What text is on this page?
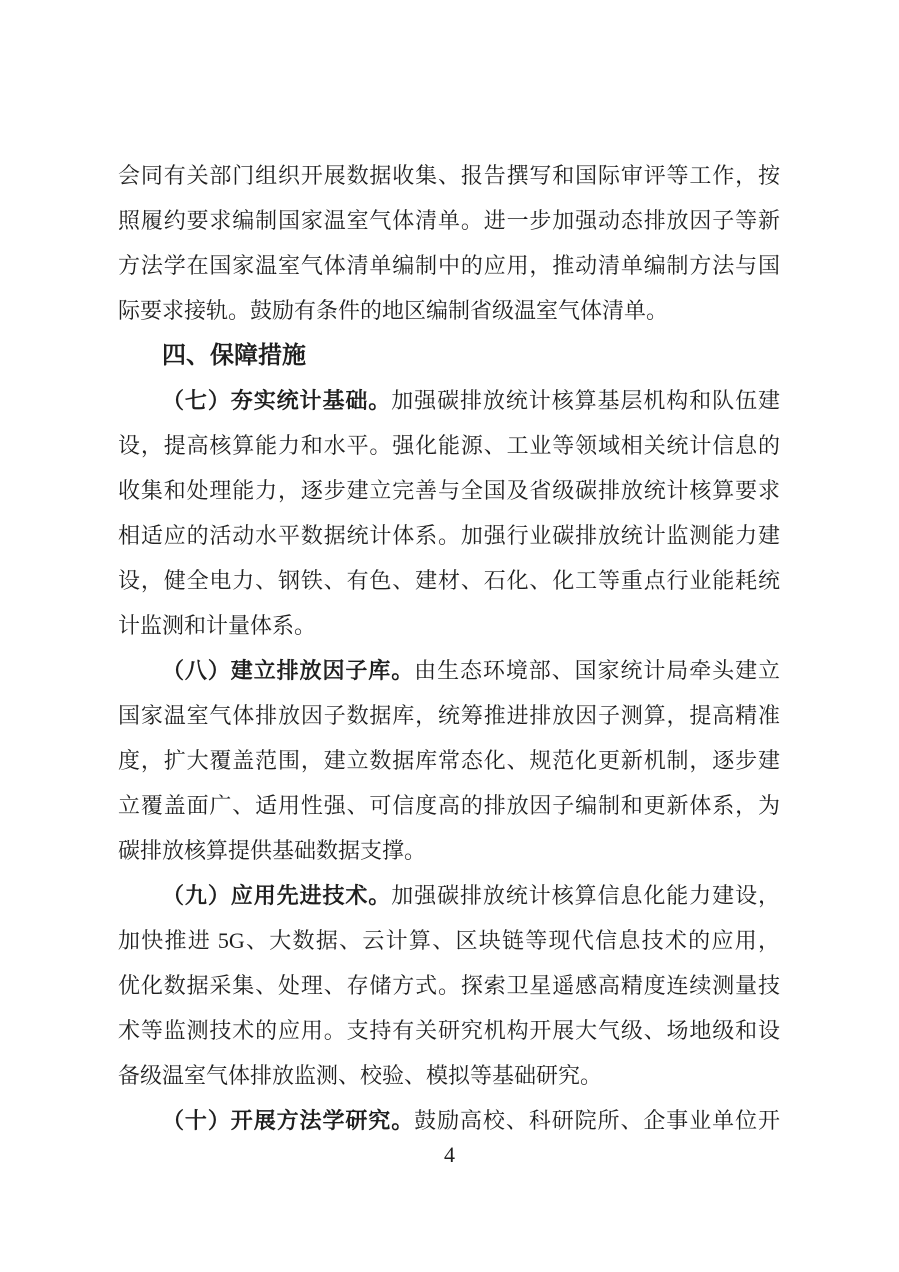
会同有关部门组织开展数据收集、报告撰写和国际审评等工作，按
照履约要求编制国家温室气体清单。进一步加强动态排放因子等新
方法学在国家温室气体清单编制中的应用，推动清单编制方法与国
际要求接轨。鼓励有条件的地区编制省级温室气体清单。
四、保障措施
（七）夯实统计基础。加强碳排放统计核算基层机构和队伍建
设，提高核算能力和水平。强化能源、工业等领域相关统计信息的
收集和处理能力，逐步建立完善与全国及省级碳排放统计核算要求
相适应的活动水平数据统计体系。加强行业碳排放统计监测能力建
设，健全电力、钢铁、有色、建材、石化、化工等重点行业能耗统
计监测和计量体系。
（八）建立排放因子库。由生态环境部、国家统计局牵头建立
国家温室气体排放因子数据库，统筹推进排放因子测算，提高精准
度，扩大覆盖范围，建立数据库常态化、规范化更新机制，逐步建
立覆盖面广、适用性强、可信度高的排放因子编制和更新体系，为
碳排放核算提供基础数据支撑。
（九）应用先进技术。加强碳排放统计核算信息化能力建设，
加快推进 5G、大数据、云计算、区块链等现代信息技术的应用，
优化数据采集、处理、存储方式。探索卫星遥感高精度连续测量技
术等监测技术的应用。支持有关研究机构开展大气级、场地级和设
备级温室气体排放监测、校验、模拟等基础研究。
（十）开展方法学研究。鼓励高校、科研院所、企事业单位开
4
